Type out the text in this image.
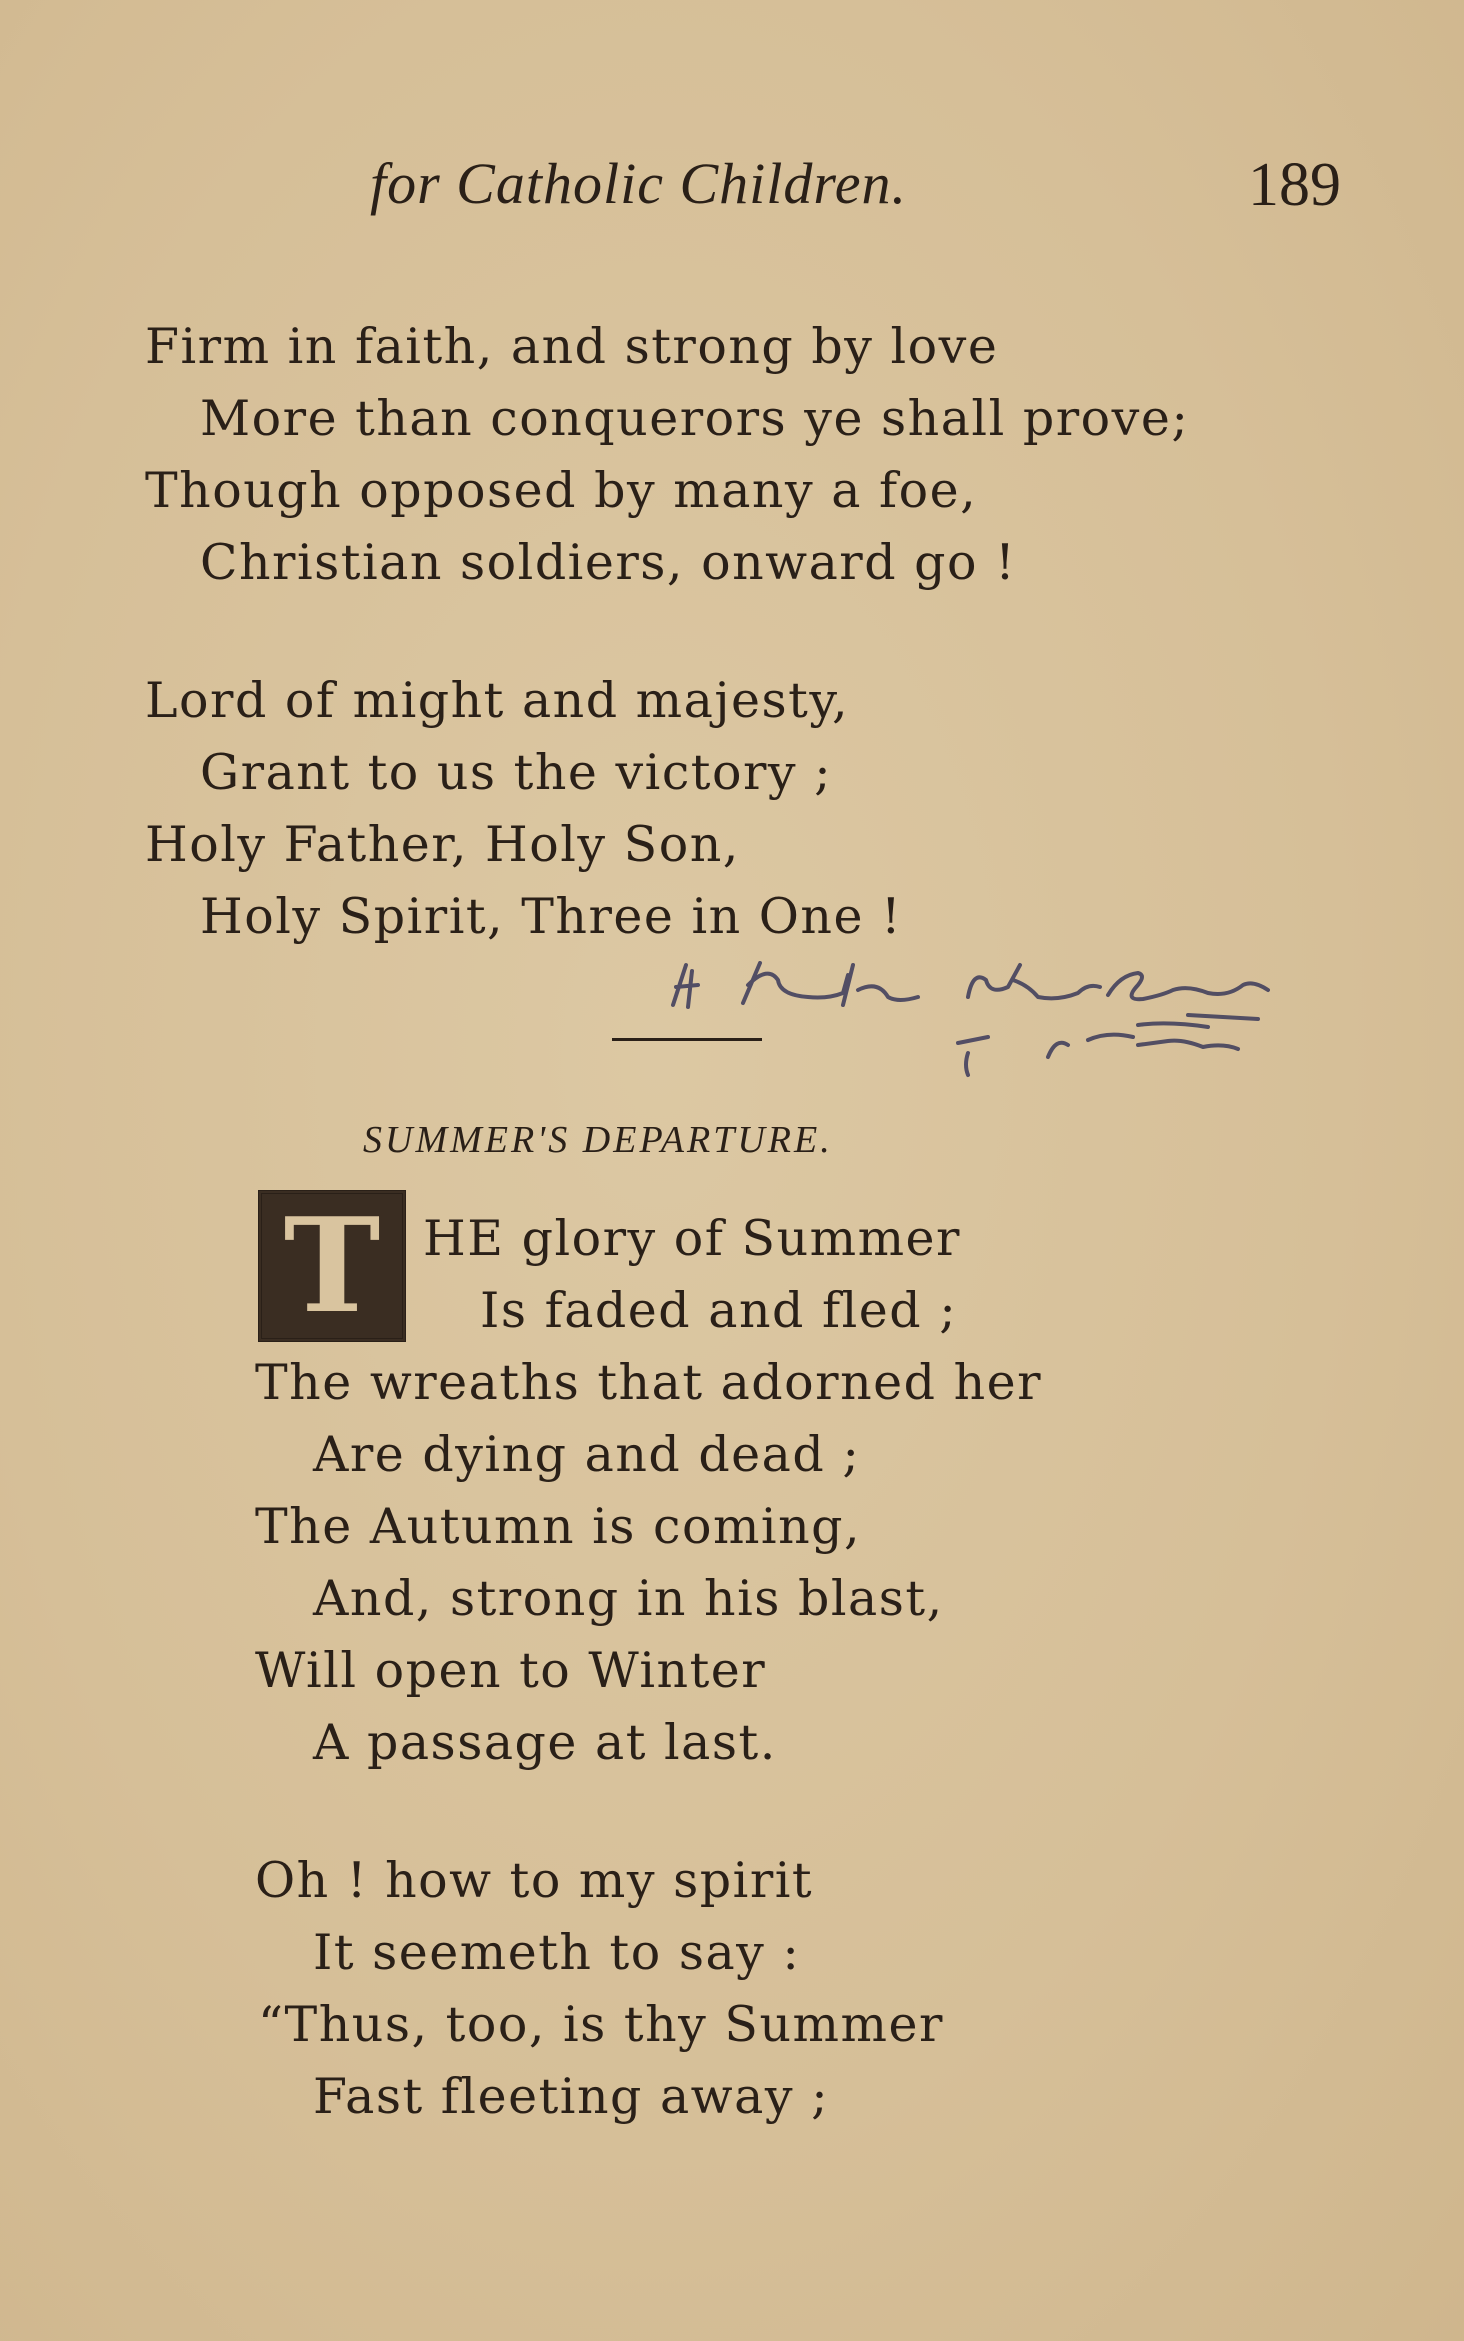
for Catholic Children.	189
Firm in faith, and strong by love
More than conquerors ye shall prove;
Though opposed by many a foe,
Christian soldiers, onward go !
Lord of might and majesty,
Grant to us the victory ;
Holy Father, Holy Son,
Holy Spirit, Three in One !
SUMMER'S DEPARTURE.
T HE glory of Summer
Is faded and fled ;
The wreaths that adorned her
Are dying and dead ;
The Autumn is coming,
And, strong in his blast,
Will open to Winter
A passage at last.
Oh ! how to my spirit
It seemeth to say :
“Thus, too, is thy Summer
Fast fleeting away ;
